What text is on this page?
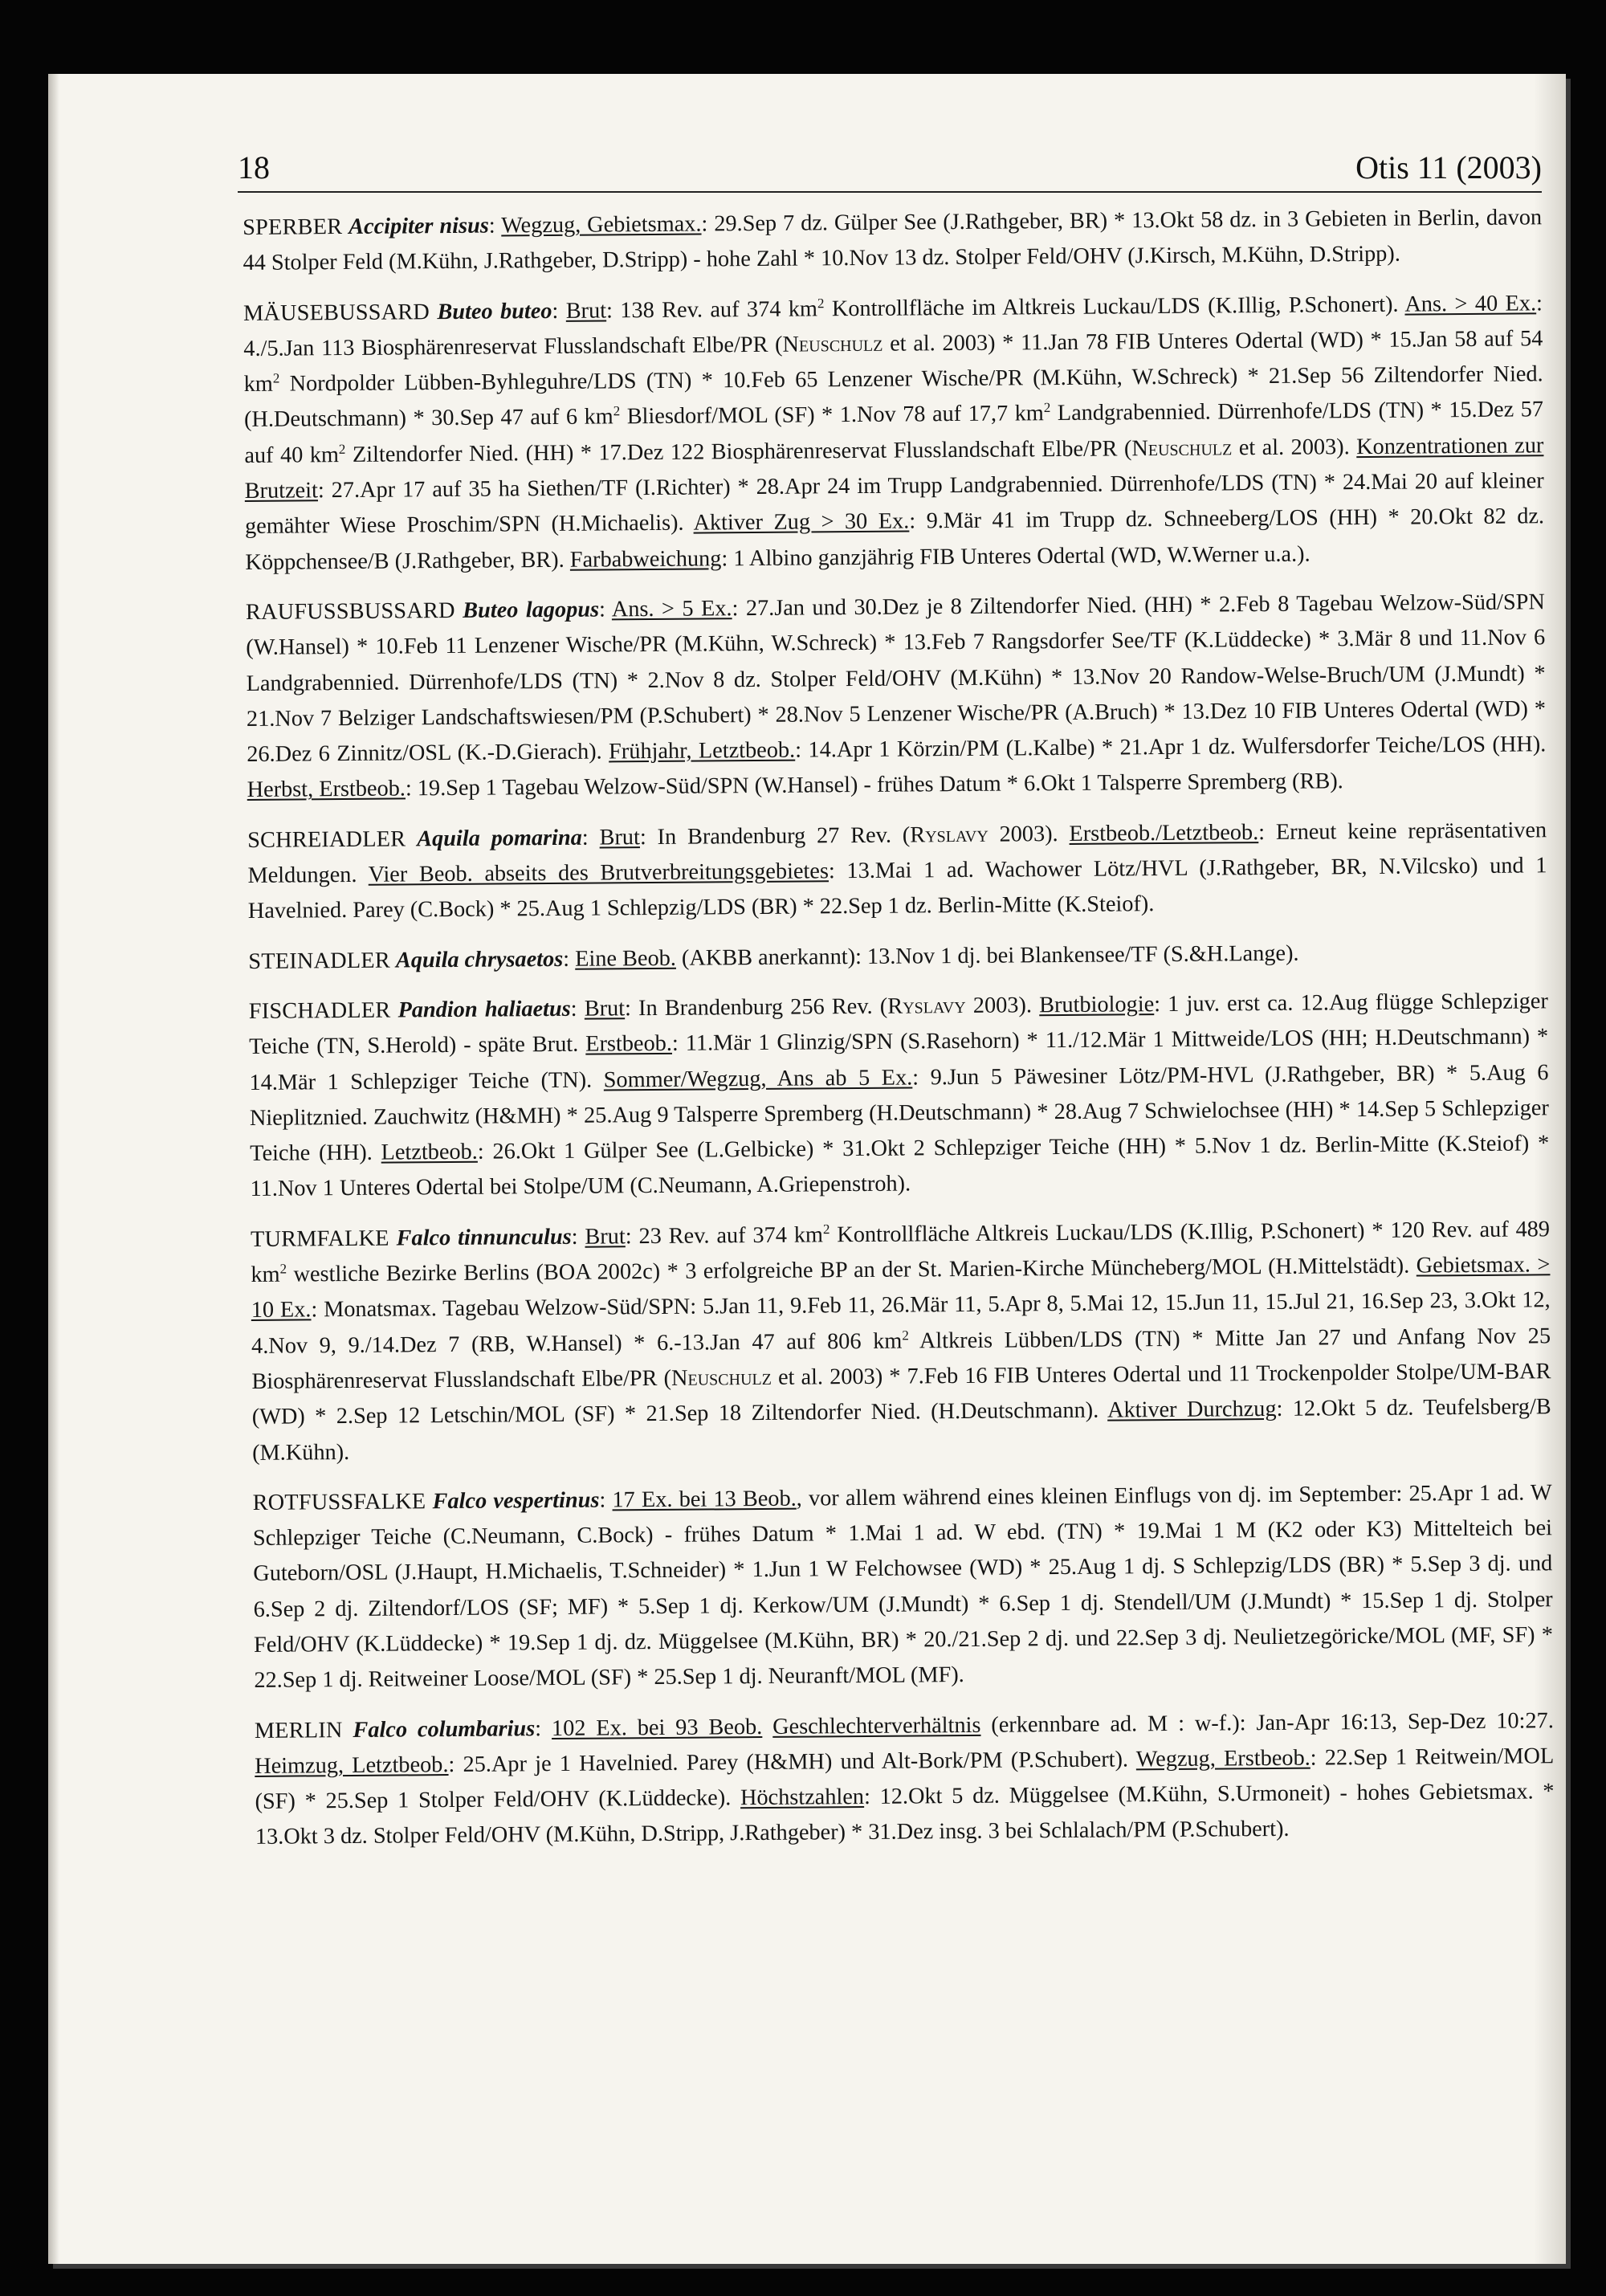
18	Otis 11 (2003)

SPERBER Accipiter nisus: Wegzug, Gebietsmax.: 29.Sep 7 dz. Gülper See (J.Rathgeber, BR) * 13.Okt 58 dz. in 3 Gebieten in Berlin, davon 44 Stolper Feld (M.Kühn, J.Rathgeber, D.Stripp) - hohe Zahl * 10.Nov 13 dz. Stolper Feld/OHV (J.Kirsch, M.Kühn, D.Stripp).

MÄUSEBUSSARD Buteo buteo: Brut: 138 Rev. auf 374 $km^2$ Kontrollfläche im Altkreis Luckau/LDS (K.Illig, P.Schonert). Ans. > 40 Ex.: 4./5.Jan 113 Biosphärenreservat Flusslandschaft Elbe/PR (Neuschulz et al. 2003) * 11.Jan 78 FIB Unteres Odertal (WD) * 15.Jan 58 auf 54 $km^2$ Nordpolder Lübben-Byhleguhre/LDS (TN) * 10.Feb 65 Lenzener Wische/PR (M.Kühn, W.Schreck) * 21.Sep 56 Ziltendorfer Nied. (H.Deutschmann) * 30.Sep 47 auf 6 $km^2$ Bliesdorf/MOL (SF) * 1.Nov 78 auf 17,7 $km^2$ Landgrabennied. Dürrenhofe/LDS (TN) * 15.Dez 57 auf 40 $km^2$ Ziltendorfer Nied. (HH) * 17.Dez 122 Biosphärenreservat Flusslandschaft Elbe/PR (Neuschulz et al. 2003). Konzentrationen zur Brutzeit: 27.Apr 17 auf 35 ha Siethen/TF (I.Richter) * 28.Apr 24 im Trupp Landgrabennied. Dürrenhofe/LDS (TN) * 24.Mai 20 auf kleiner gemähter Wiese Proschim/SPN (H.Michaelis). Aktiver Zug > 30 Ex.: 9.Mär 41 im Trupp dz. Schneeberg/LOS (HH) * 20.Okt 82 dz. Köppchensee/B (J.Rathgeber, BR). Farbabweichung: 1 Albino ganzjährig FIB Unteres Odertal (WD, W.Werner u.a.).

RAUFUSSBUSSARD Buteo lagopus: Ans. > 5 Ex.: 27.Jan und 30.Dez je 8 Ziltendorfer Nied. (HH) * 2.Feb 8 Tagebau Welzow-Süd/SPN (W.Hansel) * 10.Feb 11 Lenzener Wische/PR (M.Kühn, W.Schreck) * 13.Feb 7 Rangsdorfer See/TF (K.Lüddecke) * 3.Mär 8 und 11.Nov 6 Landgrabennied. Dürrenhofe/LDS (TN) * 2.Nov 8 dz. Stolper Feld/OHV (M.Kühn) * 13.Nov 20 Randow-Welse-Bruch/UM (J.Mundt) * 21.Nov 7 Belziger Landschaftswiesen/PM (P.Schubert) * 28.Nov 5 Lenzener Wische/PR (A.Bruch) * 13.Dez 10 FIB Unteres Odertal (WD) * 26.Dez 6 Zinnitz/OSL (K.-D.Gierach). Frühjahr, Letztbeob.: 14.Apr 1 Körzin/PM (L.Kalbe) * 21.Apr 1 dz. Wulfersdorfer Teiche/LOS (HH). Herbst, Erstbeob.: 19.Sep 1 Tagebau Welzow-Süd/SPN (W.Hansel) - frühes Datum * 6.Okt 1 Talsperre Spremberg (RB).

SCHREIADLER Aquila pomarina: Brut: In Brandenburg 27 Rev. (Ryslavy 2003). Erstbeob./Letztbeob.: Erneut keine repräsentativen Meldungen. Vier Beob. abseits des Brutverbreitungsgebietes: 13.Mai 1 ad. Wachower Lötz/HVL (J.Rathgeber, BR, N.Vilcsko) und 1 Havelnied. Parey (C.Bock) * 25.Aug 1 Schlepzig/LDS (BR) * 22.Sep 1 dz. Berlin-Mitte (K.Steiof).

STEINADLER Aquila chrysaetos: Eine Beob. (AKBB anerkannt): 13.Nov 1 dj. bei Blankensee/TF (S.&H.Lange).

FISCHADLER Pandion haliaetus: Brut: In Brandenburg 256 Rev. (Ryslavy 2003). Brutbiologie: 1 juv. erst ca. 12.Aug flügge Schlepziger Teiche (TN, S.Herold) - späte Brut. Erstbeob.: 11.Mär 1 Glinzig/SPN (S.Rasehorn) * 11./12.Mär 1 Mittweide/LOS (HH; H.Deutschmann) * 14.Mär 1 Schlepziger Teiche (TN). Sommer/Wegzug, Ans ab 5 Ex.: 9.Jun 5 Päwesiner Lötz/PM-HVL (J.Rathgeber, BR) * 5.Aug 6 Nieplitznied. Zauchwitz (H&MH) * 25.Aug 9 Talsperre Spremberg (H.Deutschmann) * 28.Aug 7 Schwielochsee (HH) * 14.Sep 5 Schlepziger Teiche (HH). Letztbeob.: 26.Okt 1 Gülper See (L.Gelbicke) * 31.Okt 2 Schlepziger Teiche (HH) * 5.Nov 1 dz. Berlin-Mitte (K.Steiof) * 11.Nov 1 Unteres Odertal bei Stolpe/UM (C.Neumann, A.Griepenstroh).

TURMFALKE Falco tinnunculus: Brut: 23 Rev. auf 374 $km^2$ Kontrollfläche Altkreis Luckau/LDS (K.Illig, P.Schonert) * 120 Rev. auf 489 $km^2$ westliche Bezirke Berlins (BOA 2002c) * 3 erfolgreiche BP an der St. Marien-Kirche Müncheberg/MOL (H.Mittelstädt). Gebietsmax. > 10 Ex.: Monatsmax. Tagebau Welzow-Süd/SPN: 5.Jan 11, 9.Feb 11, 26.Mär 11, 5.Apr 8, 5.Mai 12, 15.Jun 11, 15.Jul 21, 16.Sep 23, 3.Okt 12, 4.Nov 9, 9./14.Dez 7 (RB, W.Hansel) * 6.-13.Jan 47 auf 806 $km^2$ Altkreis Lübben/LDS (TN) * Mitte Jan 27 und Anfang Nov 25 Biosphärenreservat Flusslandschaft Elbe/PR (Neuschulz et al. 2003) * 7.Feb 16 FIB Unteres Odertal und 11 Trockenpolder Stolpe/UM-BAR (WD) * 2.Sep 12 Letschin/MOL (SF) * 21.Sep 18 Ziltendorfer Nied. (H.Deutschmann). Aktiver Durchzug: 12.Okt 5 dz. Teufelsberg/B (M.Kühn).

ROTFUSSFALKE Falco vespertinus: 17 Ex. bei 13 Beob., vor allem während eines kleinen Einflugs von dj. im September: 25.Apr 1 ad. W Schlepziger Teiche (C.Neumann, C.Bock) - frühes Datum * 1.Mai 1 ad. W ebd. (TN) * 19.Mai 1 M (K2 oder K3) Mittelteich bei Guteborn/OSL (J.Haupt, H.Michaelis, T.Schneider) * 1.Jun 1 W Felchowsee (WD) * 25.Aug 1 dj. S Schlepzig/LDS (BR) * 5.Sep 3 dj. und 6.Sep 2 dj. Ziltendorf/LOS (SF; MF) * 5.Sep 1 dj. Kerkow/UM (J.Mundt) * 6.Sep 1 dj. Stendell/UM (J.Mundt) * 15.Sep 1 dj. Stolper Feld/OHV (K.Lüddecke) * 19.Sep 1 dj. dz. Müggelsee (M.Kühn, BR) * 20./21.Sep 2 dj. und 22.Sep 3 dj. Neulietzegöricke/MOL (MF, SF) * 22.Sep 1 dj. Reitweiner Loose/MOL (SF) * 25.Sep 1 dj. Neuranft/MOL (MF).

MERLIN Falco columbarius: 102 Ex. bei 93 Beob. Geschlechterverhältnis (erkennbare ad. M : w-f.): Jan-Apr 16:13, Sep-Dez 10:27. Heimzug, Letztbeob.: 25.Apr je 1 Havelnied. Parey (H&MH) und Alt-Bork/PM (P.Schubert). Wegzug, Erstbeob.: 22.Sep 1 Reitwein/MOL (SF) * 25.Sep 1 Stolper Feld/OHV (K.Lüddecke). Höchstzahlen: 12.Okt 5 dz. Müggelsee (M.Kühn, S.Urmoneit) - hohes Gebietsmax. * 13.Okt 3 dz. Stolper Feld/OHV (M.Kühn, D.Stripp, J.Rathgeber) * 31.Dez insg. 3 bei Schlalach/PM (P.Schubert).
